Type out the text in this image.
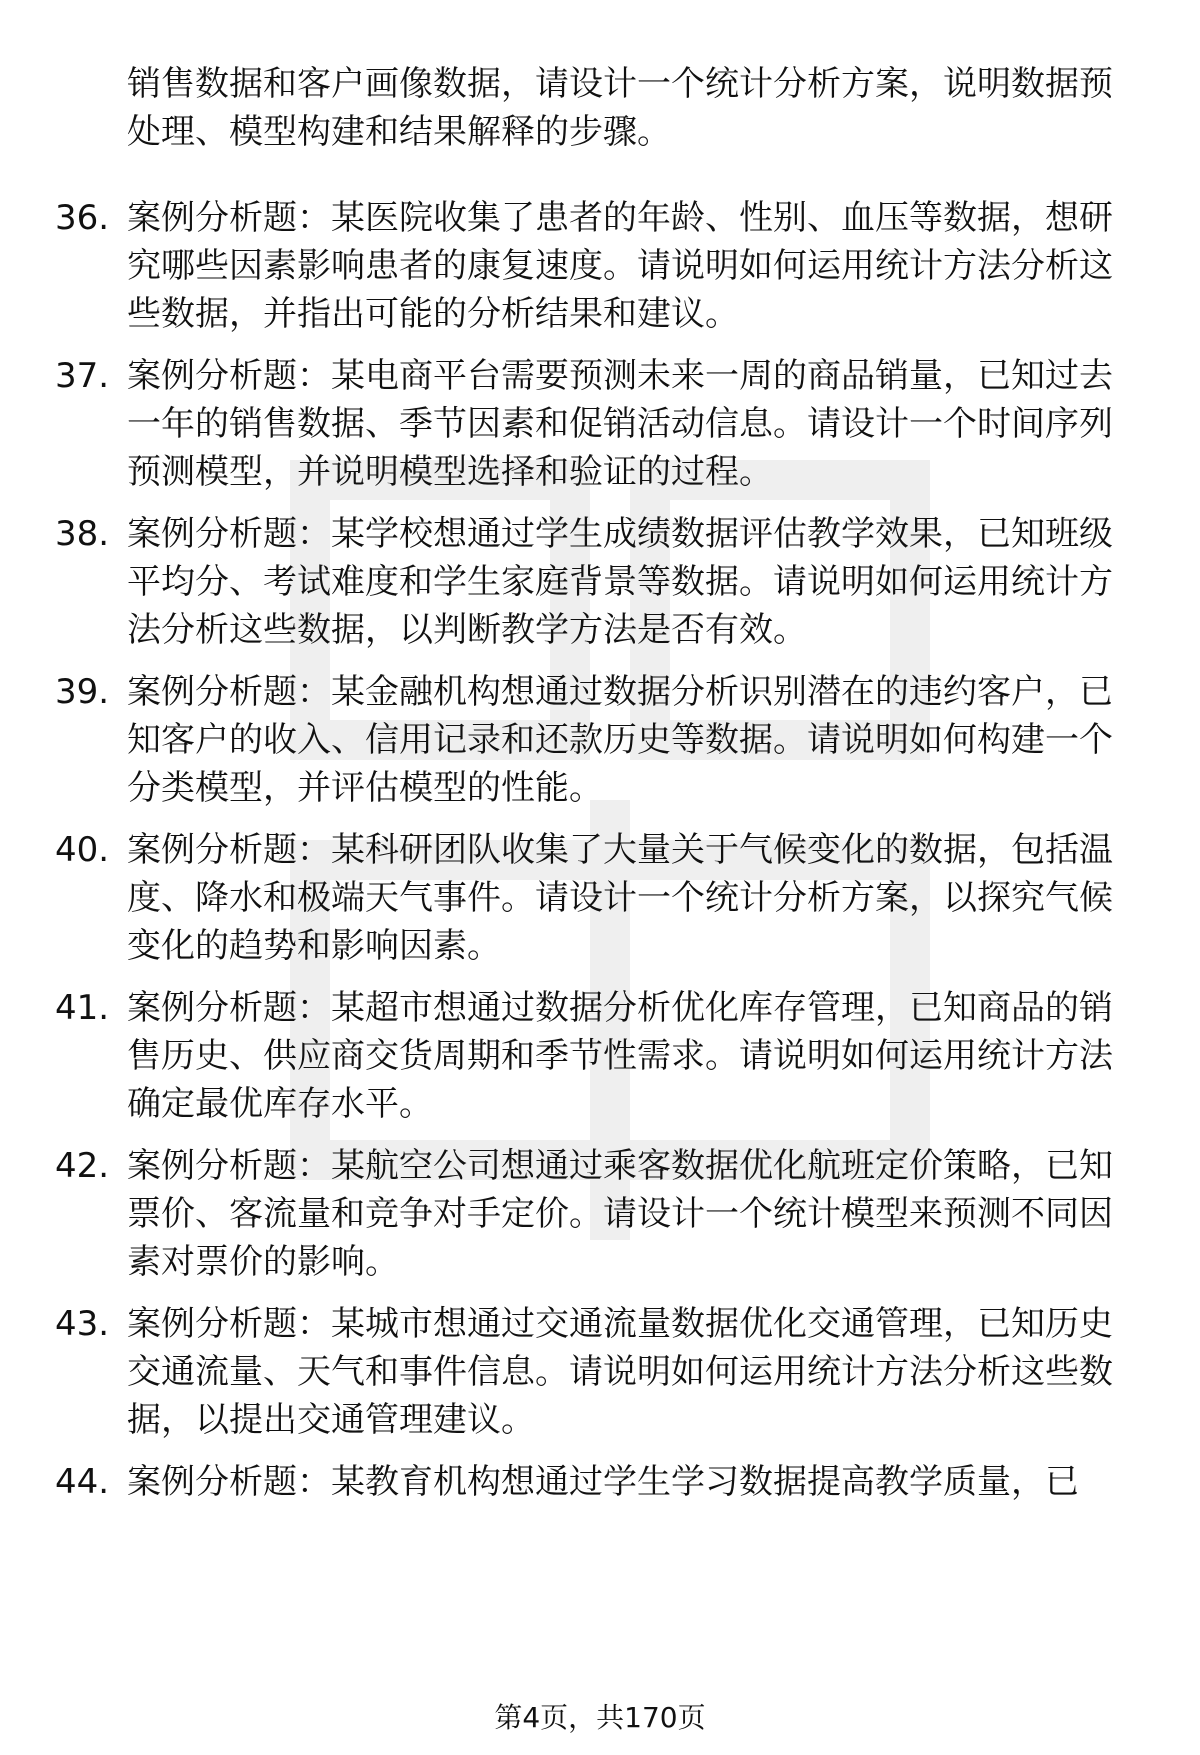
销售数据和客户画像数据，请设计一个统计分析方案，说明数据预处理、模型构建和结果解释的步骤。
36. 案例分析题：某医院收集了患者的年龄、性别、血压等数据，想研究哪些因素影响患者的康复速度。请说明如何运用统计方法分析这些数据，并指出可能的分析结果和建议。
37. 案例分析题：某电商平台需要预测未来一周的商品销量，已知过去一年的销售数据、季节因素和促销活动信息。请设计一个时间序列预测模型，并说明模型选择和验证的过程。
38. 案例分析题：某学校想通过学生成绩数据评估教学效果，已知班级平均分、考试难度和学生家庭背景等数据。请说明如何运用统计方法分析这些数据，以判断教学方法是否有效。
39. 案例分析题：某金融机构想通过数据分析识别潜在的违约客户，已知客户的收入、信用记录和还款历史等数据。请说明如何构建一个分类模型，并评估模型的性能。
40. 案例分析题：某科研团队收集了大量关于气候变化的数据，包括温度、降水和极端天气事件。请设计一个统计分析方案，以探究气候变化的趋势和影响因素。
41. 案例分析题：某超市想通过数据分析优化库存管理，已知商品的销售历史、供应商交货周期和季节性需求。请说明如何运用统计方法确定最优库存水平。
42. 案例分析题：某航空公司想通过乘客数据优化航班定价策略，已知票价、客流量和竞争对手定价。请设计一个统计模型来预测不同因素对票价的影响。
43. 案例分析题：某城市想通过交通流量数据优化交通管理，已知历史交通流量、天气和事件信息。请说明如何运用统计方法分析这些数据，以提出交通管理建议。
44. 案例分析题：某教育机构想通过学生学习数据提高教学质量，已
第4页，共170页
